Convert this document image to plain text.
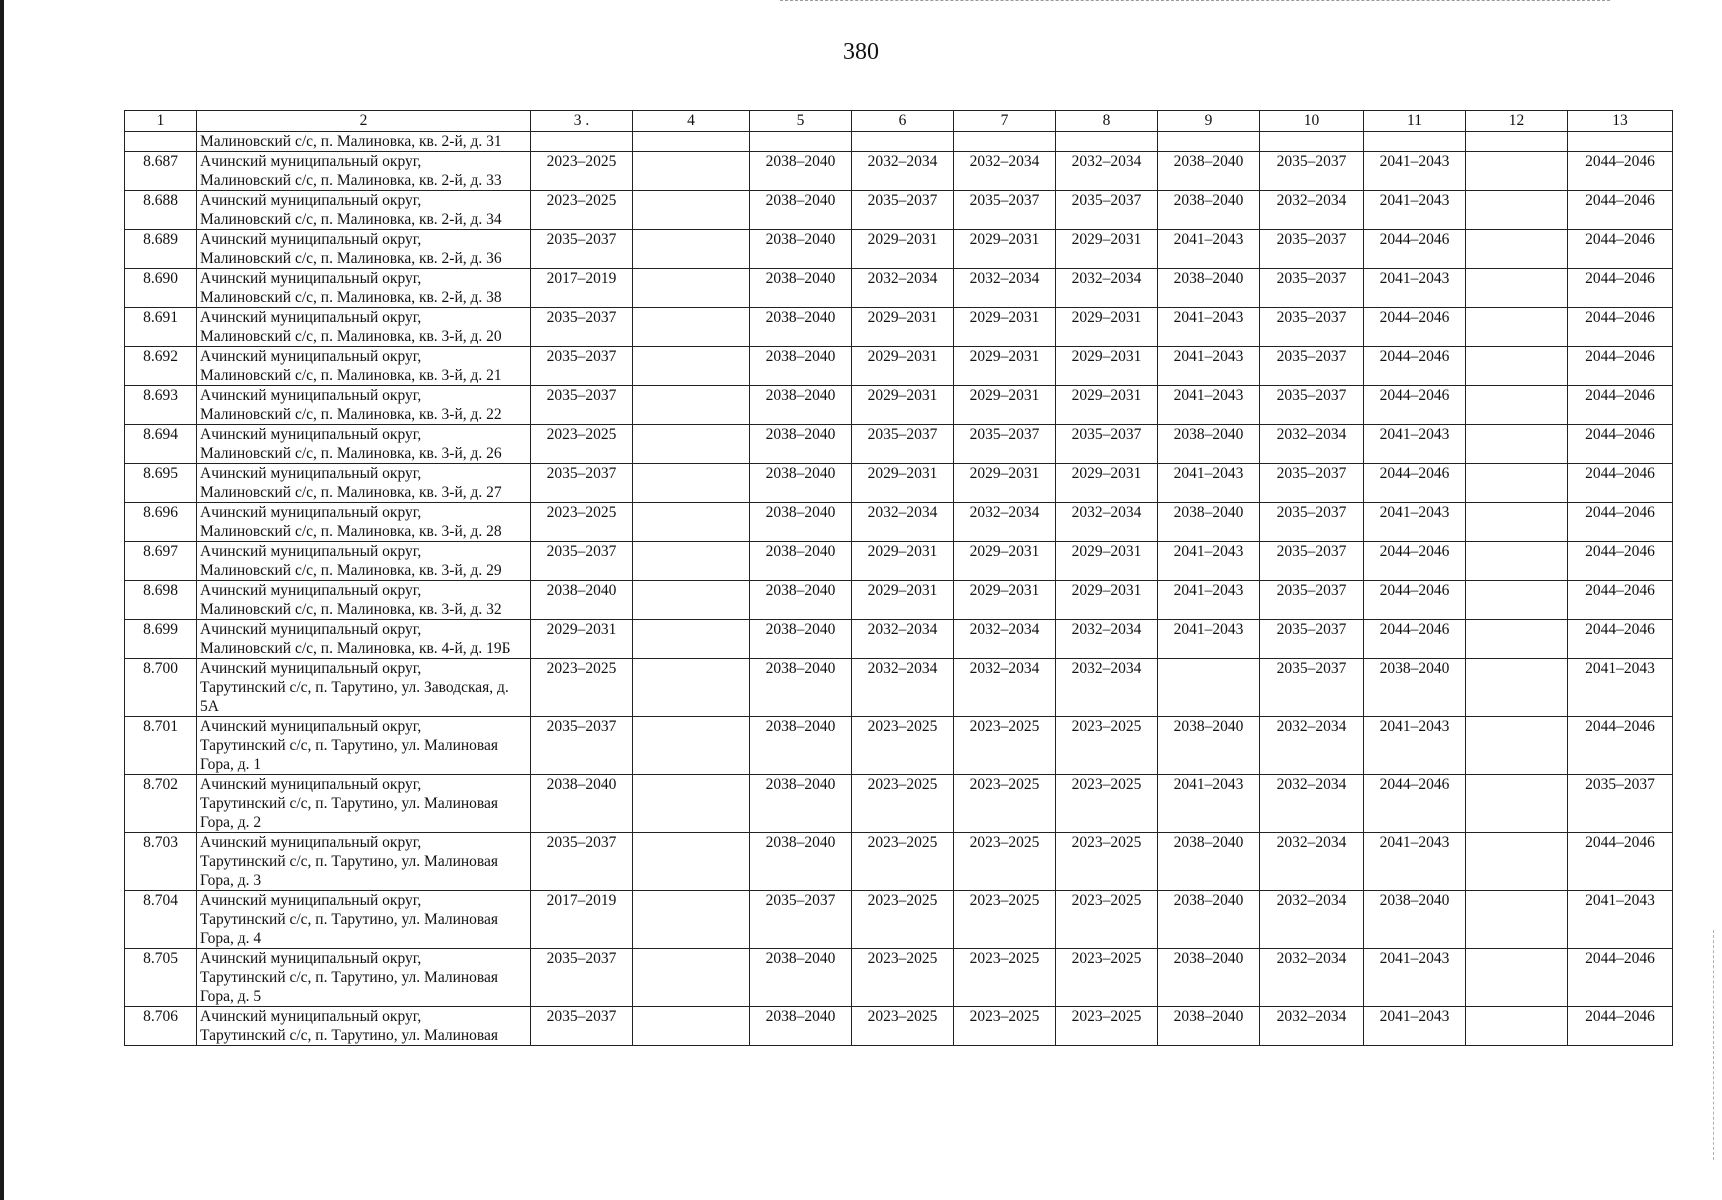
380
1	2	3 .	4	5	6	7	8	9	10	11	12	13
	Малиновский с/с, п. Малиновка, кв. 2-й, д. 31											
8.687	Ачинский муниципальный округ,
Малиновский с/с, п. Малиновка, кв. 2-й, д. 33	2023–2025		2038–2040	2032–2034	2032–2034	2032–2034	2038–2040	2035–2037	2041–2043		2044–2046
8.688	Ачинский муниципальный округ,
Малиновский с/с, п. Малиновка, кв. 2-й, д. 34	2023–2025		2038–2040	2035–2037	2035–2037	2035–2037	2038–2040	2032–2034	2041–2043		2044–2046
8.689	Ачинский муниципальный округ,
Малиновский с/с, п. Малиновка, кв. 2-й, д. 36	2035–2037		2038–2040	2029–2031	2029–2031	2029–2031	2041–2043	2035–2037	2044–2046		2044–2046
8.690	Ачинский муниципальный округ,
Малиновский с/с, п. Малиновка, кв. 2-й, д. 38	2017–2019		2038–2040	2032–2034	2032–2034	2032–2034	2038–2040	2035–2037	2041–2043		2044–2046
8.691	Ачинский муниципальный округ,
Малиновский с/с, п. Малиновка, кв. 3-й, д. 20	2035–2037		2038–2040	2029–2031	2029–2031	2029–2031	2041–2043	2035–2037	2044–2046		2044–2046
8.692	Ачинский муниципальный округ,
Малиновский с/с, п. Малиновка, кв. 3-й, д. 21	2035–2037		2038–2040	2029–2031	2029–2031	2029–2031	2041–2043	2035–2037	2044–2046		2044–2046
8.693	Ачинский муниципальный округ,
Малиновский с/с, п. Малиновка, кв. 3-й, д. 22	2035–2037		2038–2040	2029–2031	2029–2031	2029–2031	2041–2043	2035–2037	2044–2046		2044–2046
8.694	Ачинский муниципальный округ,
Малиновский с/с, п. Малиновка, кв. 3-й, д. 26	2023–2025		2038–2040	2035–2037	2035–2037	2035–2037	2038–2040	2032–2034	2041–2043		2044–2046
8.695	Ачинский муниципальный округ,
Малиновский с/с, п. Малиновка, кв. 3-й, д. 27	2035–2037		2038–2040	2029–2031	2029–2031	2029–2031	2041–2043	2035–2037	2044–2046		2044–2046
8.696	Ачинский муниципальный округ,
Малиновский с/с, п. Малиновка, кв. 3-й, д. 28	2023–2025		2038–2040	2032–2034	2032–2034	2032–2034	2038–2040	2035–2037	2041–2043		2044–2046
8.697	Ачинский муниципальный округ,
Малиновский с/с, п. Малиновка, кв. 3-й, д. 29	2035–2037		2038–2040	2029–2031	2029–2031	2029–2031	2041–2043	2035–2037	2044–2046		2044–2046
8.698	Ачинский муниципальный округ,
Малиновский с/с, п. Малиновка, кв. 3-й, д. 32	2038–2040		2038–2040	2029–2031	2029–2031	2029–2031	2041–2043	2035–2037	2044–2046		2044–2046
8.699	Ачинский муниципальный округ,
Малиновский с/с, п. Малиновка, кв. 4-й, д. 19Б	2029–2031		2038–2040	2032–2034	2032–2034	2032–2034	2041–2043	2035–2037	2044–2046		2044–2046
8.700	Ачинский муниципальный округ,
Тарутинский с/с, п. Тарутино, ул. Заводская, д. 5А	2023–2025		2038–2040	2032–2034	2032–2034	2032–2034		2035–2037	2038–2040		2041–2043
8.701	Ачинский муниципальный округ,
Тарутинский с/с, п. Тарутино, ул. Малиновая Гора, д. 1	2035–2037		2038–2040	2023–2025	2023–2025	2023–2025	2038–2040	2032–2034	2041–2043		2044–2046
8.702	Ачинский муниципальный округ,
Тарутинский с/с, п. Тарутино, ул. Малиновая Гора, д. 2	2038–2040		2038–2040	2023–2025	2023–2025	2023–2025	2041–2043	2032–2034	2044–2046		2035–2037
8.703	Ачинский муниципальный округ,
Тарутинский с/с, п. Тарутино, ул. Малиновая Гора, д. 3	2035–2037		2038–2040	2023–2025	2023–2025	2023–2025	2038–2040	2032–2034	2041–2043		2044–2046
8.704	Ачинский муниципальный округ,
Тарутинский с/с, п. Тарутино, ул. Малиновая Гора, д. 4	2017–2019		2035–2037	2023–2025	2023–2025	2023–2025	2038–2040	2032–2034	2038–2040		2041–2043
8.705	Ачинский муниципальный округ,
Тарутинский с/с, п. Тарутино, ул. Малиновая Гора, д. 5	2035–2037		2038–2040	2023–2025	2023–2025	2023–2025	2038–2040	2032–2034	2041–2043		2044–2046
8.706	Ачинский муниципальный округ,
Тарутинский с/с, п. Тарутино, ул. Малиновая	2035–2037		2038–2040	2023–2025	2023–2025	2023–2025	2038–2040	2032–2034	2041–2043		2044–2046
